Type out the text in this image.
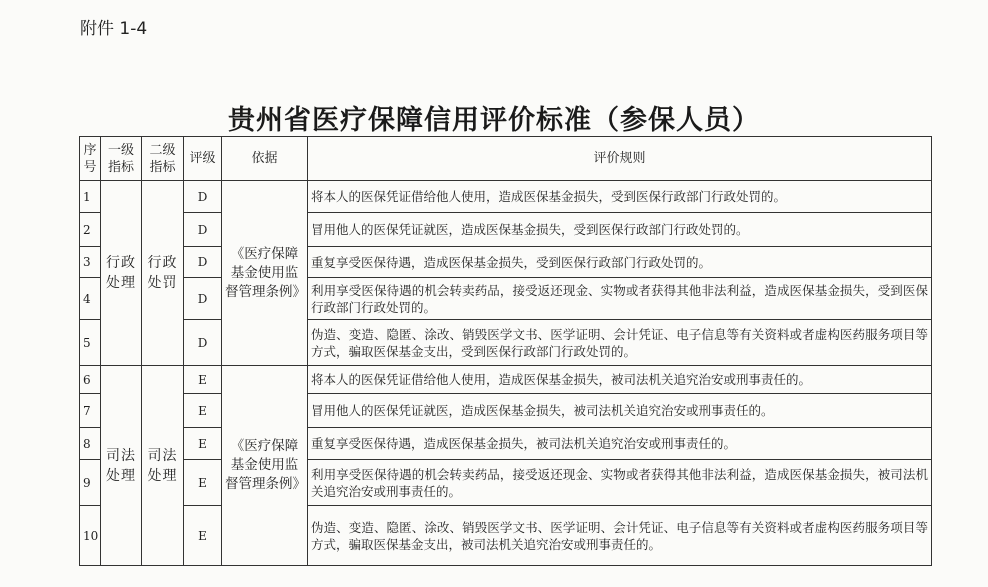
附件 1-4
贵州省医疗保障信用评价标准（参保人员）
序号	一级指标	二级指标	评级	依据	评价规则
1	行政处理	行政处罚	D	《医疗保障基金使用监督管理条例》	将本人的医保凭证借给他人使用，造成医保基金损失，受到医保行政部门行政处罚的。
2			D		冒用他人的医保凭证就医，造成医保基金损失，受到医保行政部门行政处罚的。
3			D		重复享受医保待遇，造成医保基金损失，受到医保行政部门行政处罚的。
4			D		利用享受医保待遇的机会转卖药品，接受返还现金、实物或者获得其他非法利益，造成医保基金损失，受到医保行政部门行政处罚的。
5			D		伪造、变造、隐匿、涂改、销毁医学文书、医学证明、会计凭证、电子信息等有关资料或者虚构医药服务项目等方式，骗取医保基金支出，受到医保行政部门行政处罚的。
6	司法处理	司法处理	E	《医疗保障基金使用监督管理条例》	将本人的医保凭证借给他人使用，造成医保基金损失，被司法机关追究治安或刑事责任的。
7			E		冒用他人的医保凭证就医，造成医保基金损失，被司法机关追究治安或刑事责任的。
8			E		重复享受医保待遇，造成医保基金损失，被司法机关追究治安或刑事责任的。
9			E		利用享受医保待遇的机会转卖药品，接受返还现金、实物或者获得其他非法利益，造成医保基金损失，被司法机关追究治安或刑事责任的。
10			E		伪造、变造、隐匿、涂改、销毁医学文书、医学证明、会计凭证、电子信息等有关资料或者虚构医药服务项目等方式，骗取医保基金支出，被司法机关追究治安或刑事责任的。
